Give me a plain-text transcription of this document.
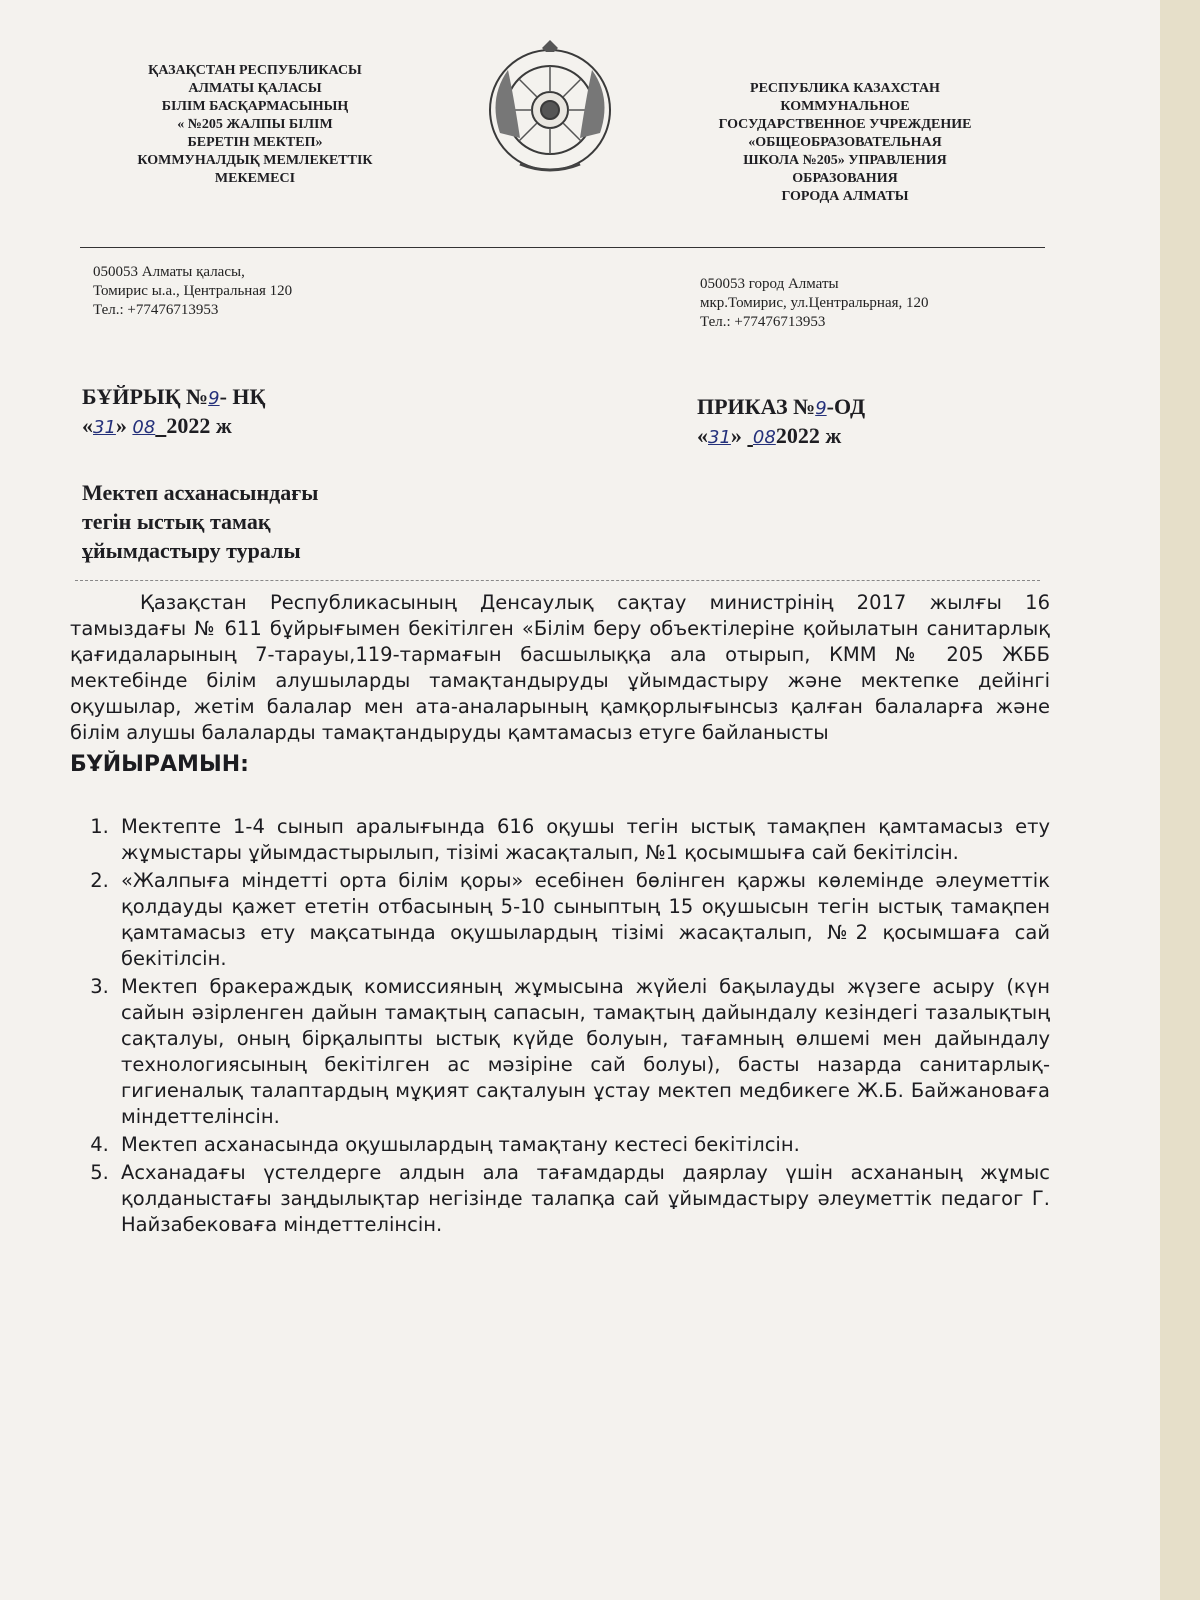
ҚАЗАҚСТАН РЕСПУБЛИКАСЫ
АЛМАТЫ ҚАЛАСЫ
БІЛІМ БАСҚАРМАСЫНЫҢ
« №205 ЖАЛПЫ БІЛІМ
БЕРЕТІН МЕКТЕП»
КОММУНАЛДЫҚ МЕМЛЕКЕТТІК
МЕКЕМЕСІ
РЕСПУБЛИКА КАЗАХСТАН
КОММУНАЛЬНОЕ
ГОСУДАРСТВЕННОЕ УЧРЕЖДЕНИЕ
«ОБЩЕОБРАЗОВАТЕЛЬНАЯ
ШКОЛА №205» УПРАВЛЕНИЯ
ОБРАЗОВАНИЯ
ГОРОДА АЛМАТЫ
050053 Алматы қаласы,
Томирис ы.а., Центральная 120
Тел.: +77476713953
050053 город Алматы
мкр.Томирис, ул.Центральрная, 120
Тел.: +77476713953
БҰЙРЫҚ №9- НҚ
«31» 08 2022 ж
ПРИКАЗ №9-ОД
«31» 082022 ж
Мектеп асханасындағы
тегін ыстық тамақ
ұйымдастыру туралы

Қазақстан Республикасының Денсаулық сақтау министрінің 2017 жылғы 16 тамыздағы № 611 бұйрығымен бекітілген «Білім беру объектілеріне қойылатын санитарлық қағидаларының 7-тарауы,119-тармағын басшылыққа ала отырып, КММ № 205 ЖББ мектебінде білім алушыларды тамақтандыруды ұйымдастыру және мектепке дейінгі оқушылар, жетім балалар мен ата-аналарының қамқорлығынсыз қалған балаларға және білім алушы балаларды тамақтандыруды қамтамасыз етуге байланысты

БҰЙЫРАМЫН:
1. Мектепте 1-4 сынып аралығында 616 оқушы тегін ыстық тамақпен қамтамасыз ету жұмыстары ұйымдастырылып, тізімі жасақталып, №1 қосымшыға сай бекітілсін.
2. «Жалпыға міндетті орта білім қоры» есебінен бөлінген қаржы көлемінде әлеуметтік қолдауды қажет ететін отбасының 5-10 сыныптың 15 оқушысын тегін ыстық тамақпен қамтамасыз ету мақсатында оқушылардың тізімі жасақталып, №2 қосымшаға сай бекітілсін.
3. Мектеп бракераждық комиссияның жұмысына жүйелі бақылауды жүзеге асыру (күн сайын әзірленген дайын тамақтың сапасын, тамақтың дайындалу кезіндегі тазалықтың сақталуы, оның бірқалыпты ыстық күйде болуын, тағамның өлшемі мен дайындалу технологиясының бекітілген ас мәзіріне сай болуы), басты назарда санитарлық-гигиеналық талаптардың мұқият сақталуын ұстау мектеп медбикеге Ж.Б. Байжановаға міндеттелінсін.
4. Мектеп асханасында оқушылардың тамақтану кестесі бекітілсін.
5. Асханадағы үстелдерге алдын ала тағамдарды даярлау үшін асхананың жұмыс қолданыстағы заңдылықтар негізінде талапқа сай ұйымдастыру әлеуметтік педагог Г. Найзабековаға міндеттелінсін.
